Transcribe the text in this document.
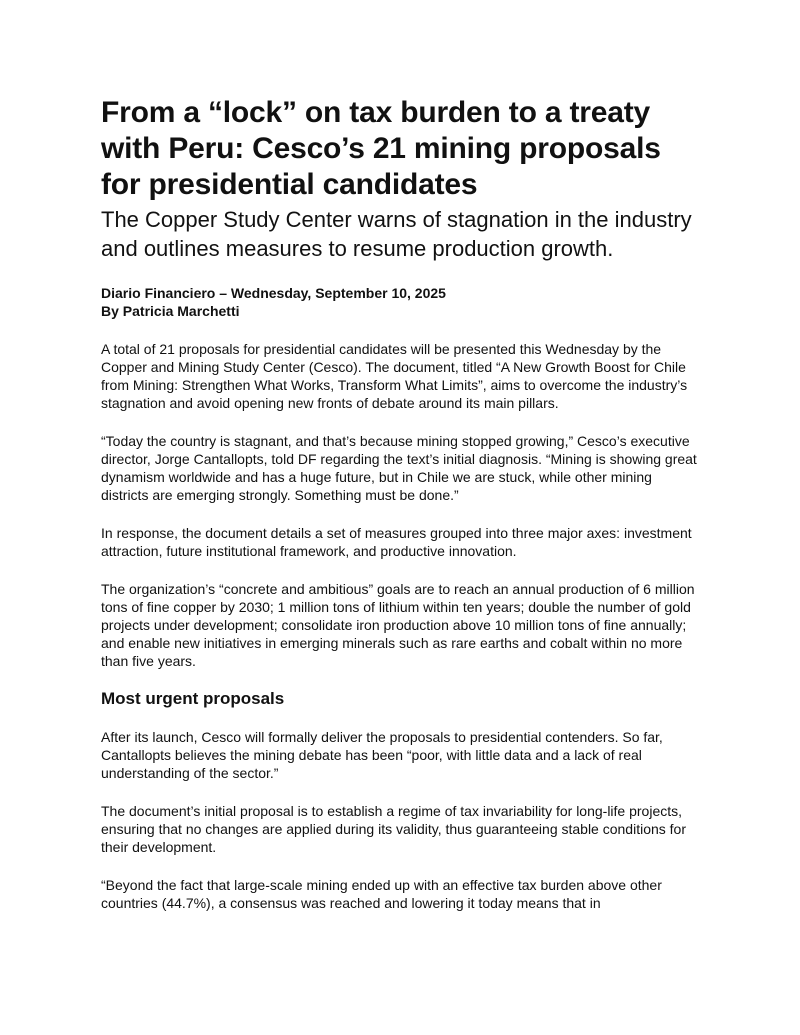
From a “lock” on tax burden to a treaty with Peru: Cesco’s 21 mining proposals for presidential candidates
The Copper Study Center warns of stagnation in the industry and outlines measures to resume production growth.
Diario Financiero – Wednesday, September 10, 2025
By Patricia Marchetti

A total of 21 proposals for presidential candidates will be presented this Wednesday by the Copper and Mining Study Center (Cesco). The document, titled “A New Growth Boost for Chile from Mining: Strengthen What Works, Transform What Limits”, aims to overcome the industry’s stagnation and avoid opening new fronts of debate around its main pillars.

“Today the country is stagnant, and that’s because mining stopped growing,” Cesco’s executive director, Jorge Cantallopts, told DF regarding the text’s initial diagnosis. “Mining is showing great dynamism worldwide and has a huge future, but in Chile we are stuck, while other mining districts are emerging strongly. Something must be done.”

In response, the document details a set of measures grouped into three major axes: investment attraction, future institutional framework, and productive innovation.

The organization’s “concrete and ambitious” goals are to reach an annual production of 6 million tons of fine copper by 2030; 1 million tons of lithium within ten years; double the number of gold projects under development; consolidate iron production above 10 million tons of fine annually; and enable new initiatives in emerging minerals such as rare earths and cobalt within no more than five years.

Most urgent proposals

After its launch, Cesco will formally deliver the proposals to presidential contenders. So far, Cantallopts believes the mining debate has been “poor, with little data and a lack of real understanding of the sector.”

The document’s initial proposal is to establish a regime of tax invariability for long-life projects, ensuring that no changes are applied during its validity, thus guaranteeing stable conditions for their development.

“Beyond the fact that large-scale mining ended up with an effective tax burden above other countries (44.7%), a consensus was reached and lowering it today means that in
